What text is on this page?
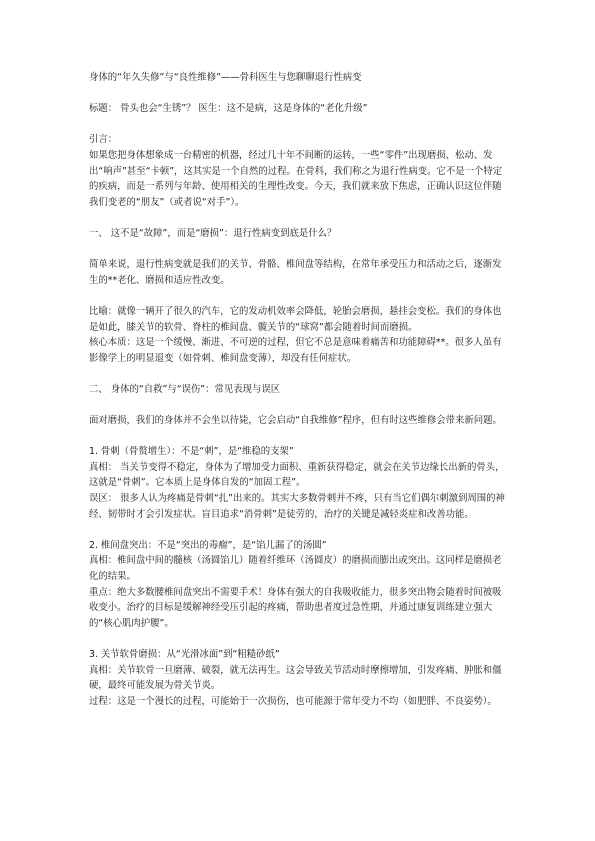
身体的“年久失修”与“良性维修”——骨科医生与您聊聊退行性病变

标题： 骨头也会“生锈”？ 医生：这不是病，这是身体的“老化升级”

引言：

如果您把身体想象成一台精密的机器，经过几十年不间断的运转，一些“零件”出现磨损、松动、发出“响声”甚至“卡顿”，这其实是一个自然的过程。在骨科，我们称之为退行性病变。它不是一个特定的疾病，而是一系列与年龄、使用相关的生理性改变。今天，我们就来放下焦虑，正确认识这位伴随我们变老的“朋友”（或者说“对手”）。

一、 这不是“故障”，而是“磨损”：退行性病变到底是什么？

简单来说，退行性病变就是我们的关节、骨骼、椎间盘等结构，在常年承受压力和活动之后，逐渐发生的**老化、磨损和适应性改变。

比喻：就像一辆开了很久的汽车，它的发动机效率会降低，轮胎会磨损，悬挂会变松。我们的身体也是如此，膝关节的软骨、脊柱的椎间盘、髋关节的“球窝”都会随着时间而磨损。

核心本质：这是一个缓慢、渐进、不可逆的过程，但它不总是意味着痛苦和功能障碍**。很多人虽有影像学上的明显退变（如骨刺、椎间盘变薄），却没有任何症状。

二、 身体的“自救”与“误伤”：常见表现与误区

面对磨损，我们的身体并不会坐以待毙，它会启动“自我维修”程序，但有时这些维修会带来新问题。

1. 骨刺（骨赘增生）：不是“刺”，是“维稳的支架”

真相： 当关节变得不稳定，身体为了增加受力面积、重新获得稳定，就会在关节边缘长出新的骨头，这就是“骨刺”。它本质上是身体自发的“加固工程”。

误区： 很多人认为疼痛是骨刺“扎”出来的。其实大多数骨刺并不疼，只有当它们偶尔刺激到周围的神经、韧带时才会引发症状。盲目追求“消骨刺”是徒劳的，治疗的关键是减轻炎症和改善功能。

2. 椎间盘突出：不是“突出的毒瘤”，是“馅儿漏了的汤圆”

真相：椎间盘中间的髓核（汤圆馅儿）随着纤维环（汤圆皮）的磨损而膨出或突出。这同样是磨损老化的结果。

重点：绝大多数腰椎间盘突出不需要手术！身体有强大的自我吸收能力，很多突出物会随着时间被吸收变小。治疗的目标是缓解神经受压引起的疼痛，帮助患者度过急性期，并通过康复训练建立强大的“核心肌肉护腰”。

3. 关节软骨磨损：从“光滑冰面”到“粗糙砂纸”

真相：关节软骨一旦磨薄、破裂，就无法再生。这会导致关节活动时摩擦增加，引发疼痛、肿胀和僵硬，最终可能发展为骨关节炎。

过程：这是一个漫长的过程，可能始于一次损伤，也可能源于常年受力不均（如肥胖、不良姿势）。
